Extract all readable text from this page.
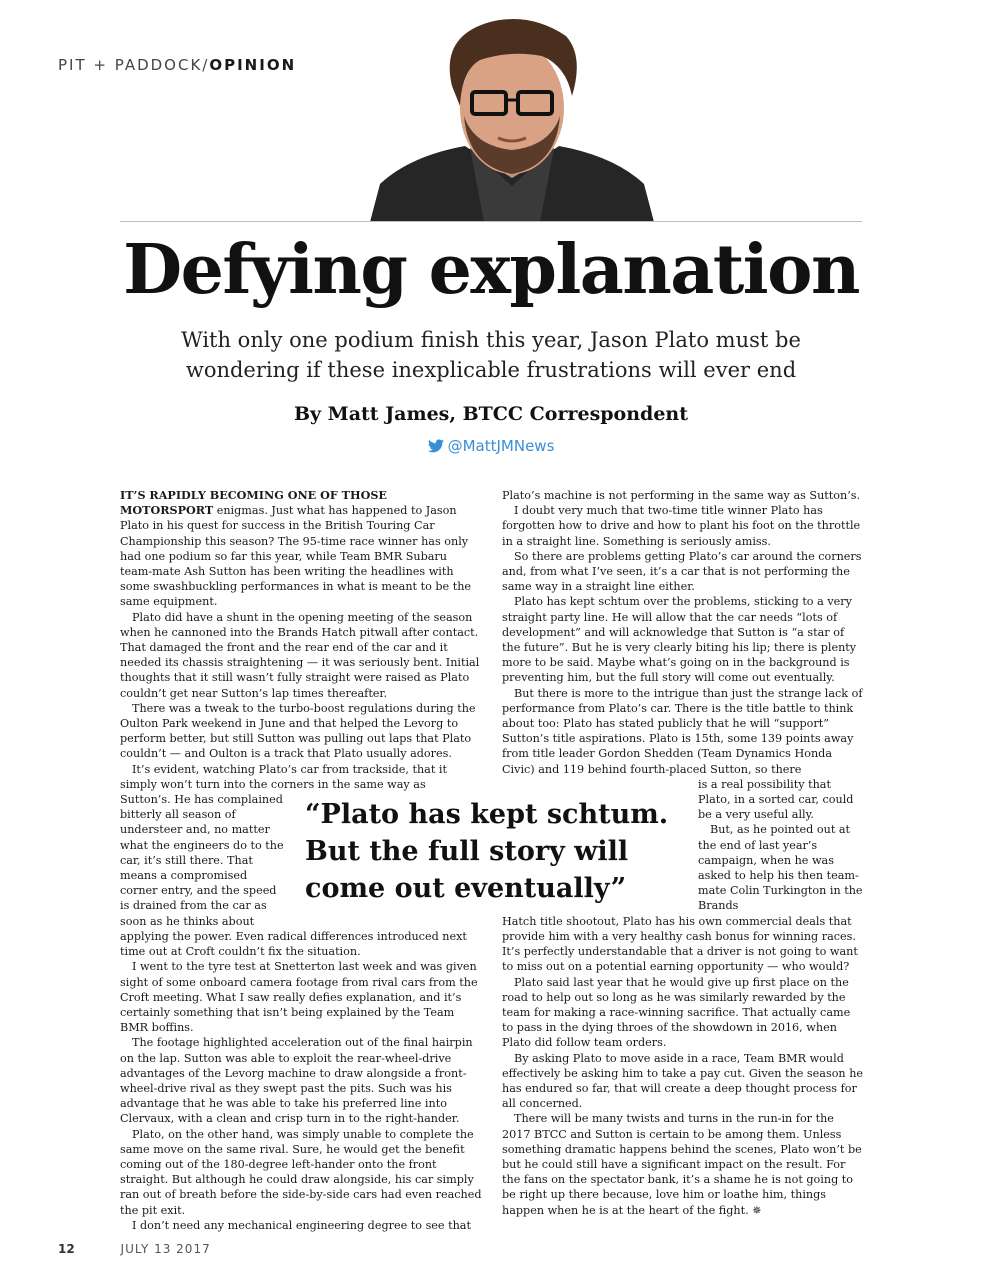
PIT + PADDOCK/OPINION
Defying explanation

With only one podium finish this year, Jason Plato must be wondering if these inexplicable frustrations will ever end

By Matt James, BTCC Correspondent
@MattJMNews

IT’S RAPIDLY BECOMING ONE OF THOSE MOTORSPORT enigmas. Just what has happened to Jason Plato in his quest for success in the British Touring Car Championship this season? The 95-time race winner has only had one podium so far this year, while Team BMR Subaru team-mate Ash Sutton has been writing the headlines with some swashbuckling performances in what is meant to be the same equipment.

Plato did have a shunt in the opening meeting of the season when he cannoned into the Brands Hatch pitwall after contact. That damaged the front and the rear end of the car and it needed its chassis straightening — it was seriously bent. Initial thoughts that it still wasn’t fully straight were raised as Plato couldn’t get near Sutton’s lap times thereafter.

There was a tweak to the turbo-boost regulations during the Oulton Park weekend in June and that helped the Levorg to perform better, but still Sutton was pulling out laps that Plato couldn’t — and Oulton is a track that Plato usually adores.

It’s evident, watching Plato’s car from trackside, that it simply won’t turn into the corners in the same way as

Sutton’s. He has complained bitterly all season of understeer and, no matter what the engineers do to the car, it’s still there. That means a compromised corner entry, and the speed is drained from the car as soon as he thinks about

applying the power. Even radical differences introduced next time out at Croft couldn’t fix the situation.

I went to the tyre test at Snetterton last week and was given sight of some onboard camera footage from rival cars from the Croft meeting. What I saw really defies explanation, and it’s certainly something that isn’t being explained by the Team BMR boffins.

The footage highlighted acceleration out of the final hairpin on the lap. Sutton was able to exploit the rear-wheel-drive advantages of the Levorg machine to draw alongside a front-wheel-drive rival as they swept past the pits. Such was his advantage that he was able to take his preferred line into Clervaux, with a clean and crisp turn in to the right-hander.

Plato, on the other hand, was simply unable to complete the same move on the same rival. Sure, he would get the benefit coming out of the 180-degree left-hander onto the front straight. But although he could draw alongside, his car simply ran out of breath before the side-by-side cars had even reached the pit exit.

I don’t need any mechanical engineering degree to see that

Plato’s machine is not performing in the same way as Sutton’s.

I doubt very much that two-time title winner Plato has forgotten how to drive and how to plant his foot on the throttle in a straight line. Something is seriously amiss.

So there are problems getting Plato’s car around the corners and, from what I’ve seen, it’s a car that is not performing the same way in a straight line either.

Plato has kept schtum over the problems, sticking to a very straight party line. He will allow that the car needs “lots of development” and will acknowledge that Sutton is “a star of the future”. But he is very clearly biting his lip; there is plenty more to be said. Maybe what’s going on in the background is preventing him, but the full story will come out eventually.

But there is more to the intrigue than just the strange lack of performance from Plato’s car. There is the title battle to think about too: Plato has stated publicly that he will “support” Sutton’s title aspirations. Plato is 15th, some 139 points away from title leader Gordon Shedden (Team Dynamics Honda Civic) and 119 behind fourth-placed Sutton, so there

is a real possibility that Plato, in a sorted car, could be a very useful ally.

But, as he pointed out at the end of last year’s campaign, when he was asked to help his then team-mate Colin Turkington in the Brands

Hatch title shootout, Plato has his own commercial deals that provide him with a very healthy cash bonus for winning races. It’s perfectly understandable that a driver is not going to want to miss out on a potential earning opportunity — who would?

Plato said last year that he would give up first place on the road to help out so long as he was similarly rewarded by the team for making a race-winning sacrifice. That actually came to pass in the dying throes of the showdown in 2016, when Plato did follow team orders.

By asking Plato to move aside in a race, Team BMR would effectively be asking him to take a pay cut. Given the season he has endured so far, that will create a deep thought process for all concerned.

There will be many twists and turns in the run-in for the 2017 BTCC and Sutton is certain to be among them. Unless something dramatic happens behind the scenes, Plato won’t be but he could still have a significant impact on the result. For the fans on the spectator bank, it’s a shame he is not going to be right up there because, love him or loathe him, things happen when he is at the heart of the fight. ✵

“Plato has kept schtum. But the full story will come out eventually”
12	JULY 13 2017
